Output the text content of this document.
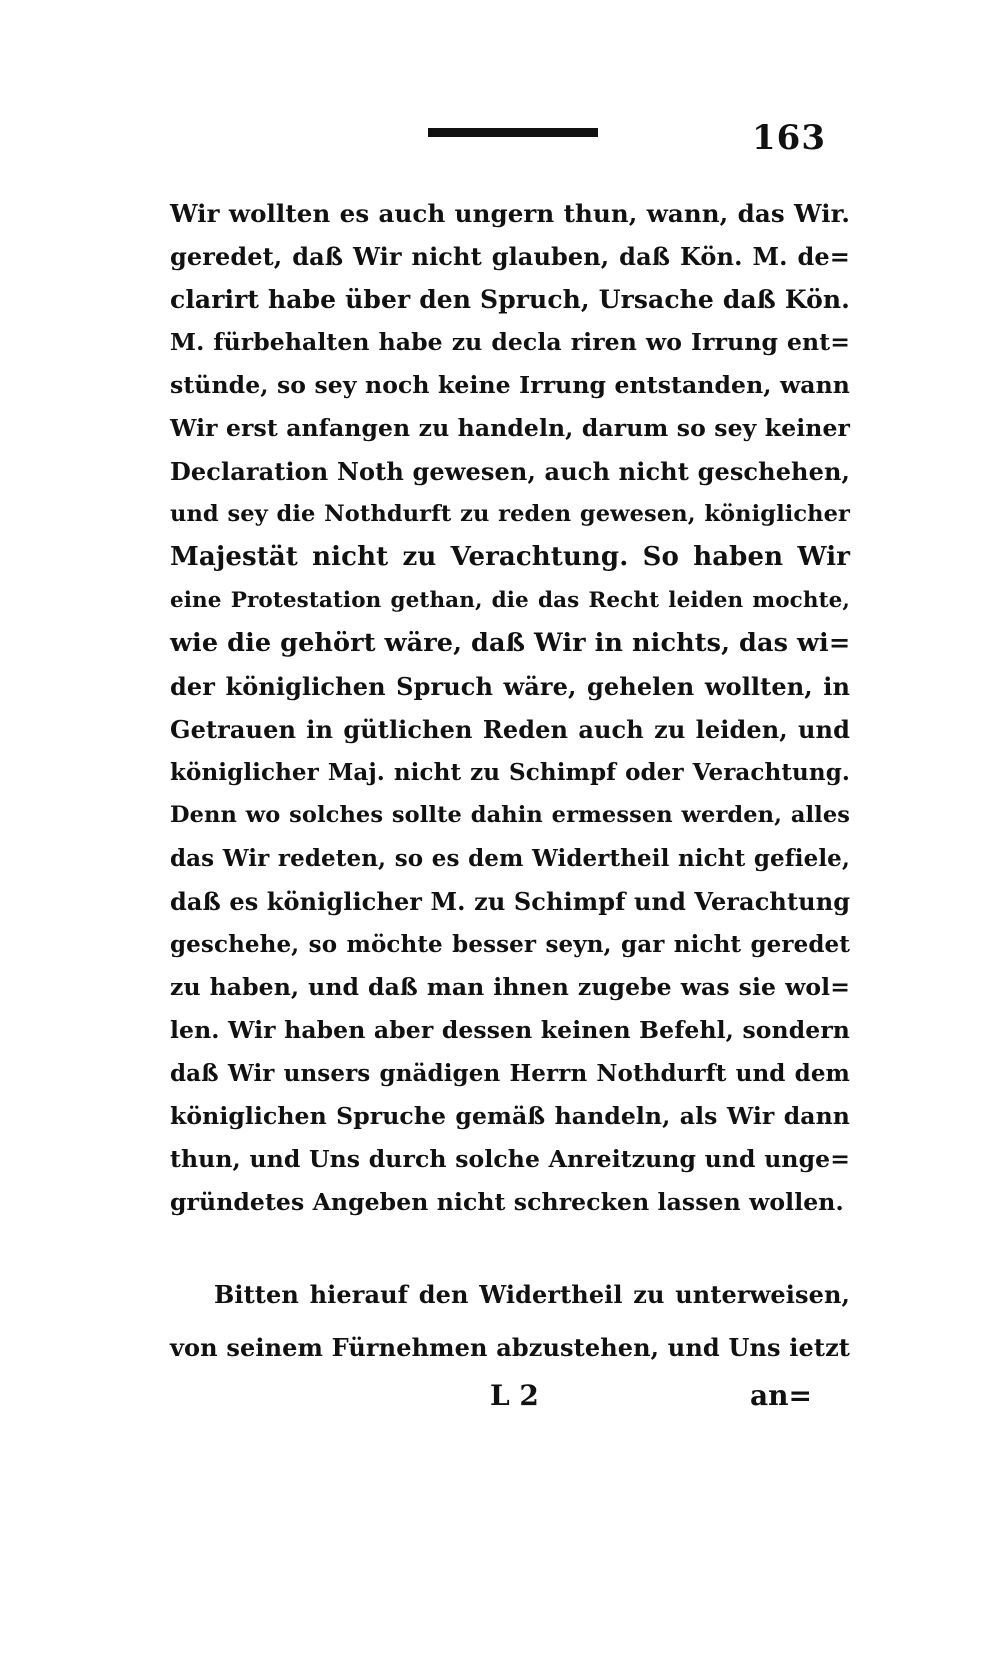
163
Wir wollten es auch ungern thun, wann, das Wir.
geredet, daß Wir nicht glauben, daß Kön. M. de=
clarirt habe über den Spruch, Ursache daß Kön.
M. fürbehalten habe zu decla riren wo Irrung ent=
stünde, so sey noch keine Irrung entstanden, wann
Wir erst anfangen zu handeln, darum so sey keiner
Declaration Noth gewesen, auch nicht geschehen,
und sey die Nothdurft zu reden gewesen, königlicher
Majestät nicht zu Verachtung. So haben Wir
eine Protestation gethan, die das Recht leiden mochte,
wie die gehört wäre, daß Wir in nichts, das wi=
der königlichen Spruch wäre, gehelen wollten, in
Getrauen in gütlichen Reden auch zu leiden, und
königlicher Maj. nicht zu Schimpf oder Verachtung.
Denn wo solches sollte dahin ermessen werden, alles
das Wir redeten, so es dem Widertheil nicht gefiele,
daß es königlicher M. zu Schimpf und Verachtung
geschehe, so möchte besser seyn, gar nicht geredet
zu haben, und daß man ihnen zugebe was sie wol=
len. Wir haben aber dessen keinen Befehl, sondern
daß Wir unsers gnädigen Herrn Nothdurft und dem
königlichen Spruche gemäß handeln, als Wir dann
thun, und Uns durch solche Anreitzung und unge=
gründetes Angeben nicht schrecken lassen wollen.
Bitten hierauf den Widertheil zu unterweisen,
von seinem Fürnehmen abzustehen, und Uns ietzt
L 2	an=
